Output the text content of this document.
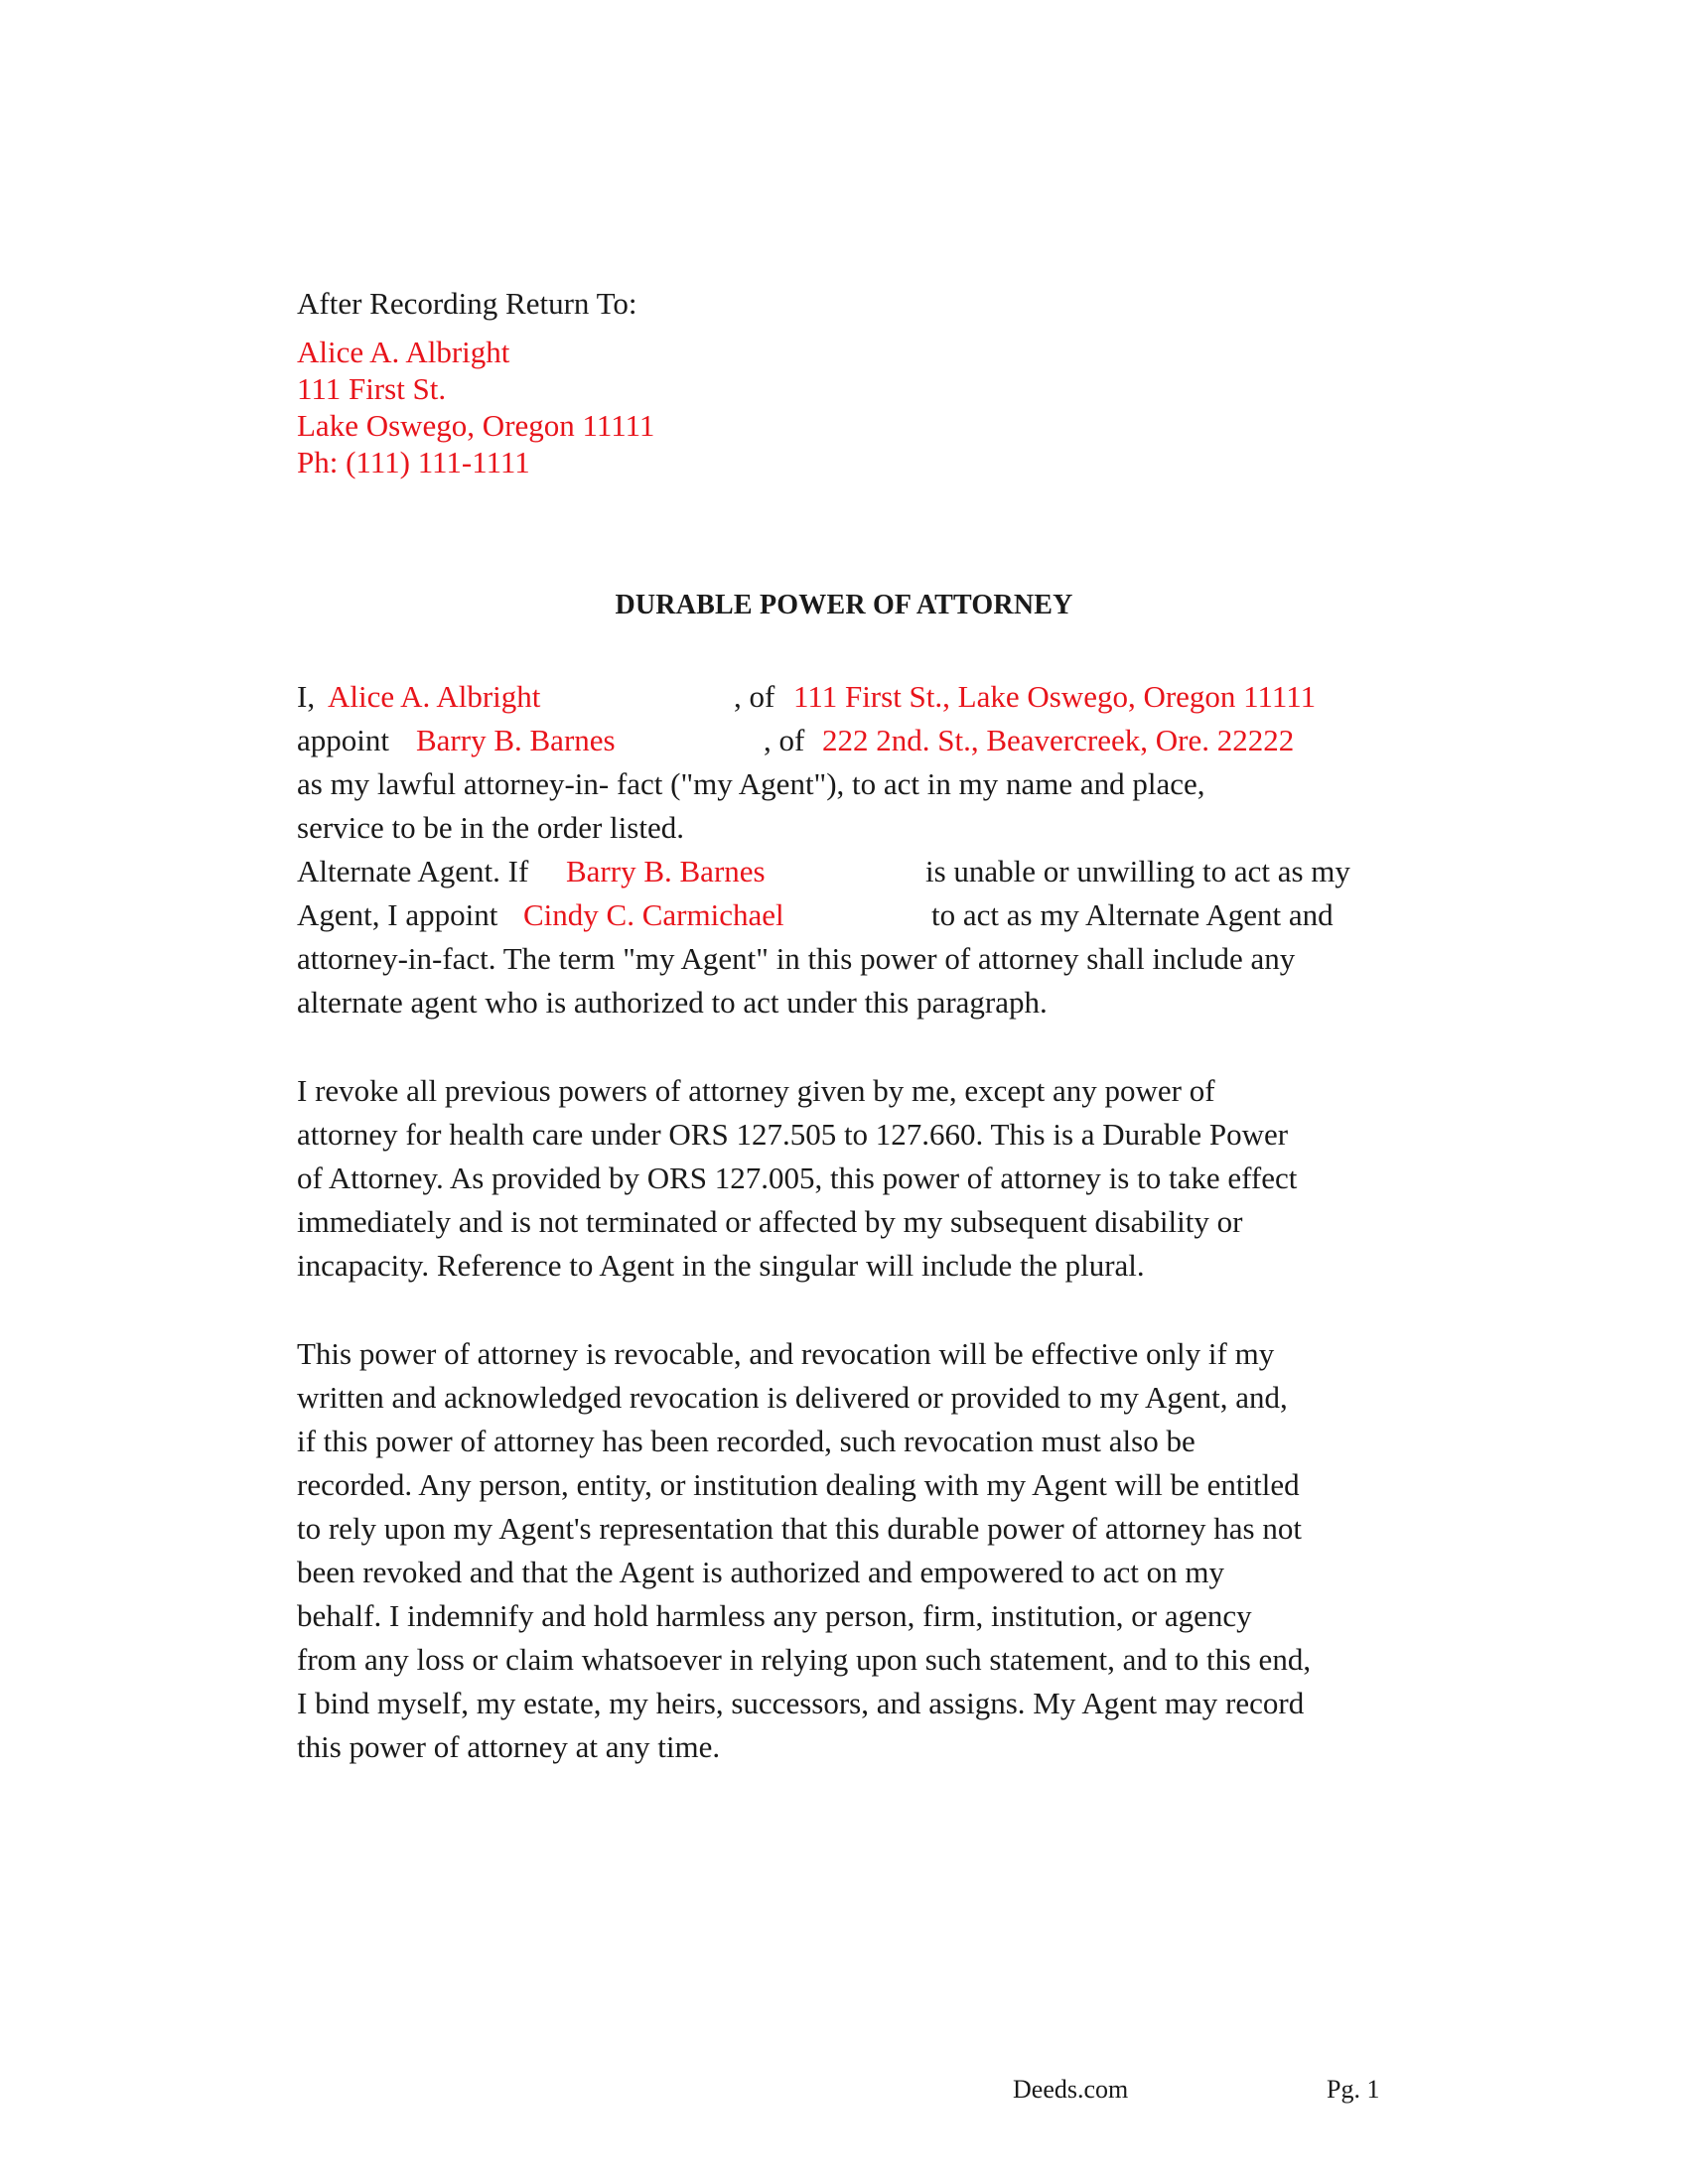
After Recording Return To:
Alice A. Albright
111 First St.
Lake Oswego, Oregon 11111
Ph: (111) 111-1111
DURABLE POWER OF ATTORNEY
I, Alice A. Albright	, of 111 First St., Lake Oswego, Oregon 11111
appoint Barry B. Barnes	, of 222 2nd. St., Beavercreek, Ore. 22222
as my lawful attorney-in- fact ("my Agent"), to act in my name and place,
service to be in the order listed.
Alternate Agent. If Barry B. Barnes	is unable or unwilling to act as my
Agent, I appoint Cindy C. Carmichael	to act as my Alternate Agent and
attorney-in-fact. The term "my Agent" in this power of attorney shall include any
alternate agent who is authorized to act under this paragraph.
I revoke all previous powers of attorney given by me, except any power of
attorney for health care under ORS 127.505 to 127.660. This is a Durable Power
of Attorney. As provided by ORS 127.005, this power of attorney is to take effect
immediately and is not terminated or affected by my subsequent disability or
incapacity. Reference to Agent in the singular will include the plural.
This power of attorney is revocable, and revocation will be effective only if my
written and acknowledged revocation is delivered or provided to my Agent, and,
if this power of attorney has been recorded, such revocation must also be
recorded. Any person, entity, or institution dealing with my Agent will be entitled
to rely upon my Agent's representation that this durable power of attorney has not
been revoked and that the Agent is authorized and empowered to act on my
behalf. I indemnify and hold harmless any person, firm, institution, or agency
from any loss or claim whatsoever in relying upon such statement, and to this end,
I bind myself, my estate, my heirs, successors, and assigns. My Agent may record
this power of attorney at any time.
Deeds.com	Pg. 1
